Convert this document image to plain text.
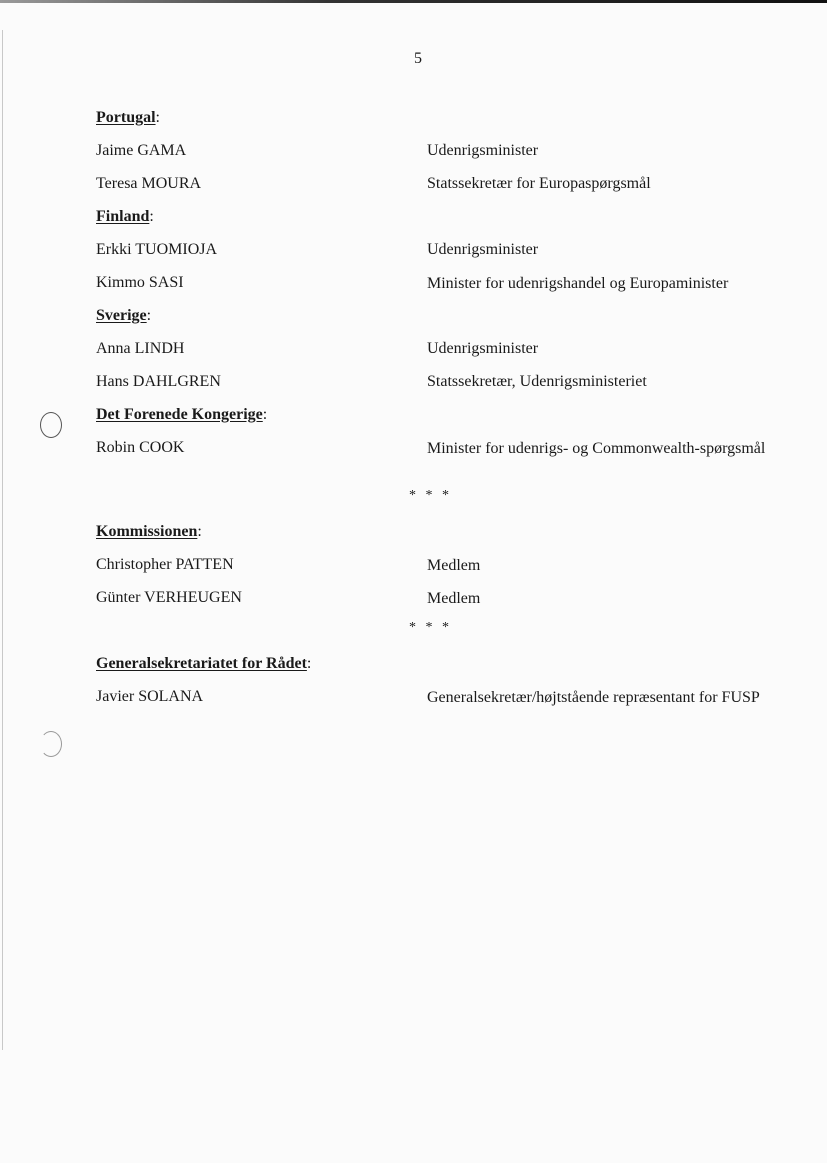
5
Portugal:
Jaime GAMA	Udenrigsminister
Teresa MOURA	Statssekretær for Europaspørgsmål
Finland:
Erkki TUOMIOJA	Udenrigsminister
Kimmo SASI	Minister for udenrigshandel og Europaminister
Sverige:
Anna LINDH	Udenrigsminister
Hans DAHLGREN	Statssekretær, Udenrigsministeriet
Det Forenede Kongerige:
Robin COOK	Minister for udenrigs- og Commonwealth-spørgsmål
* * *
Kommissionen:
Christopher PATTEN	Medlem
Günter VERHEUGEN	Medlem
* * *
Generalsekretariatet for Rådet:
Javier SOLANA	Generalsekretær/højtstående repræsentant for FUSP
